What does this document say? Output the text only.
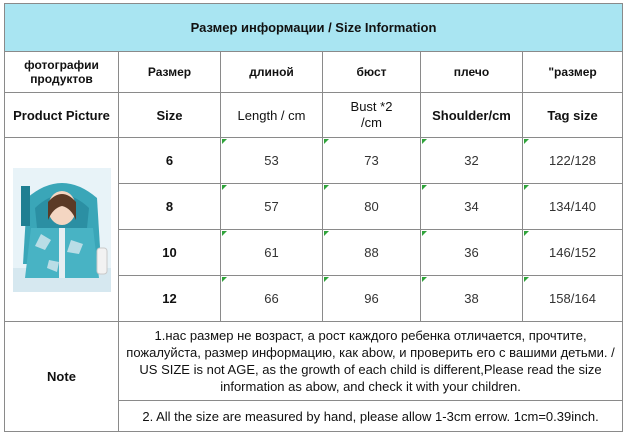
Размер информации / Size Information					
фотографии продуктов	Размер	длиной	бюст	плечо	"размер
Product Picture	Size	Length / cm	Bust *2 /cm	Shoulder/cm	Tag size

	6	53	73	32	122/128
	8	57	80	34	134/140
	10	61	88	36	146/152
	12	66	96	38	158/164
Note	1.нас размер не возраст, а рост каждого ребенка отличается, прочтите, пожалуйста, размер информацию, как abow, и проверить его с вашими детьми. / US SIZE is not AGE, as the growth of each child is different,Please read the size information as abow, and check it with your children.				
	2. All the size are measured by hand, please allow 1-3cm errow. 1cm=0.39inch.				
